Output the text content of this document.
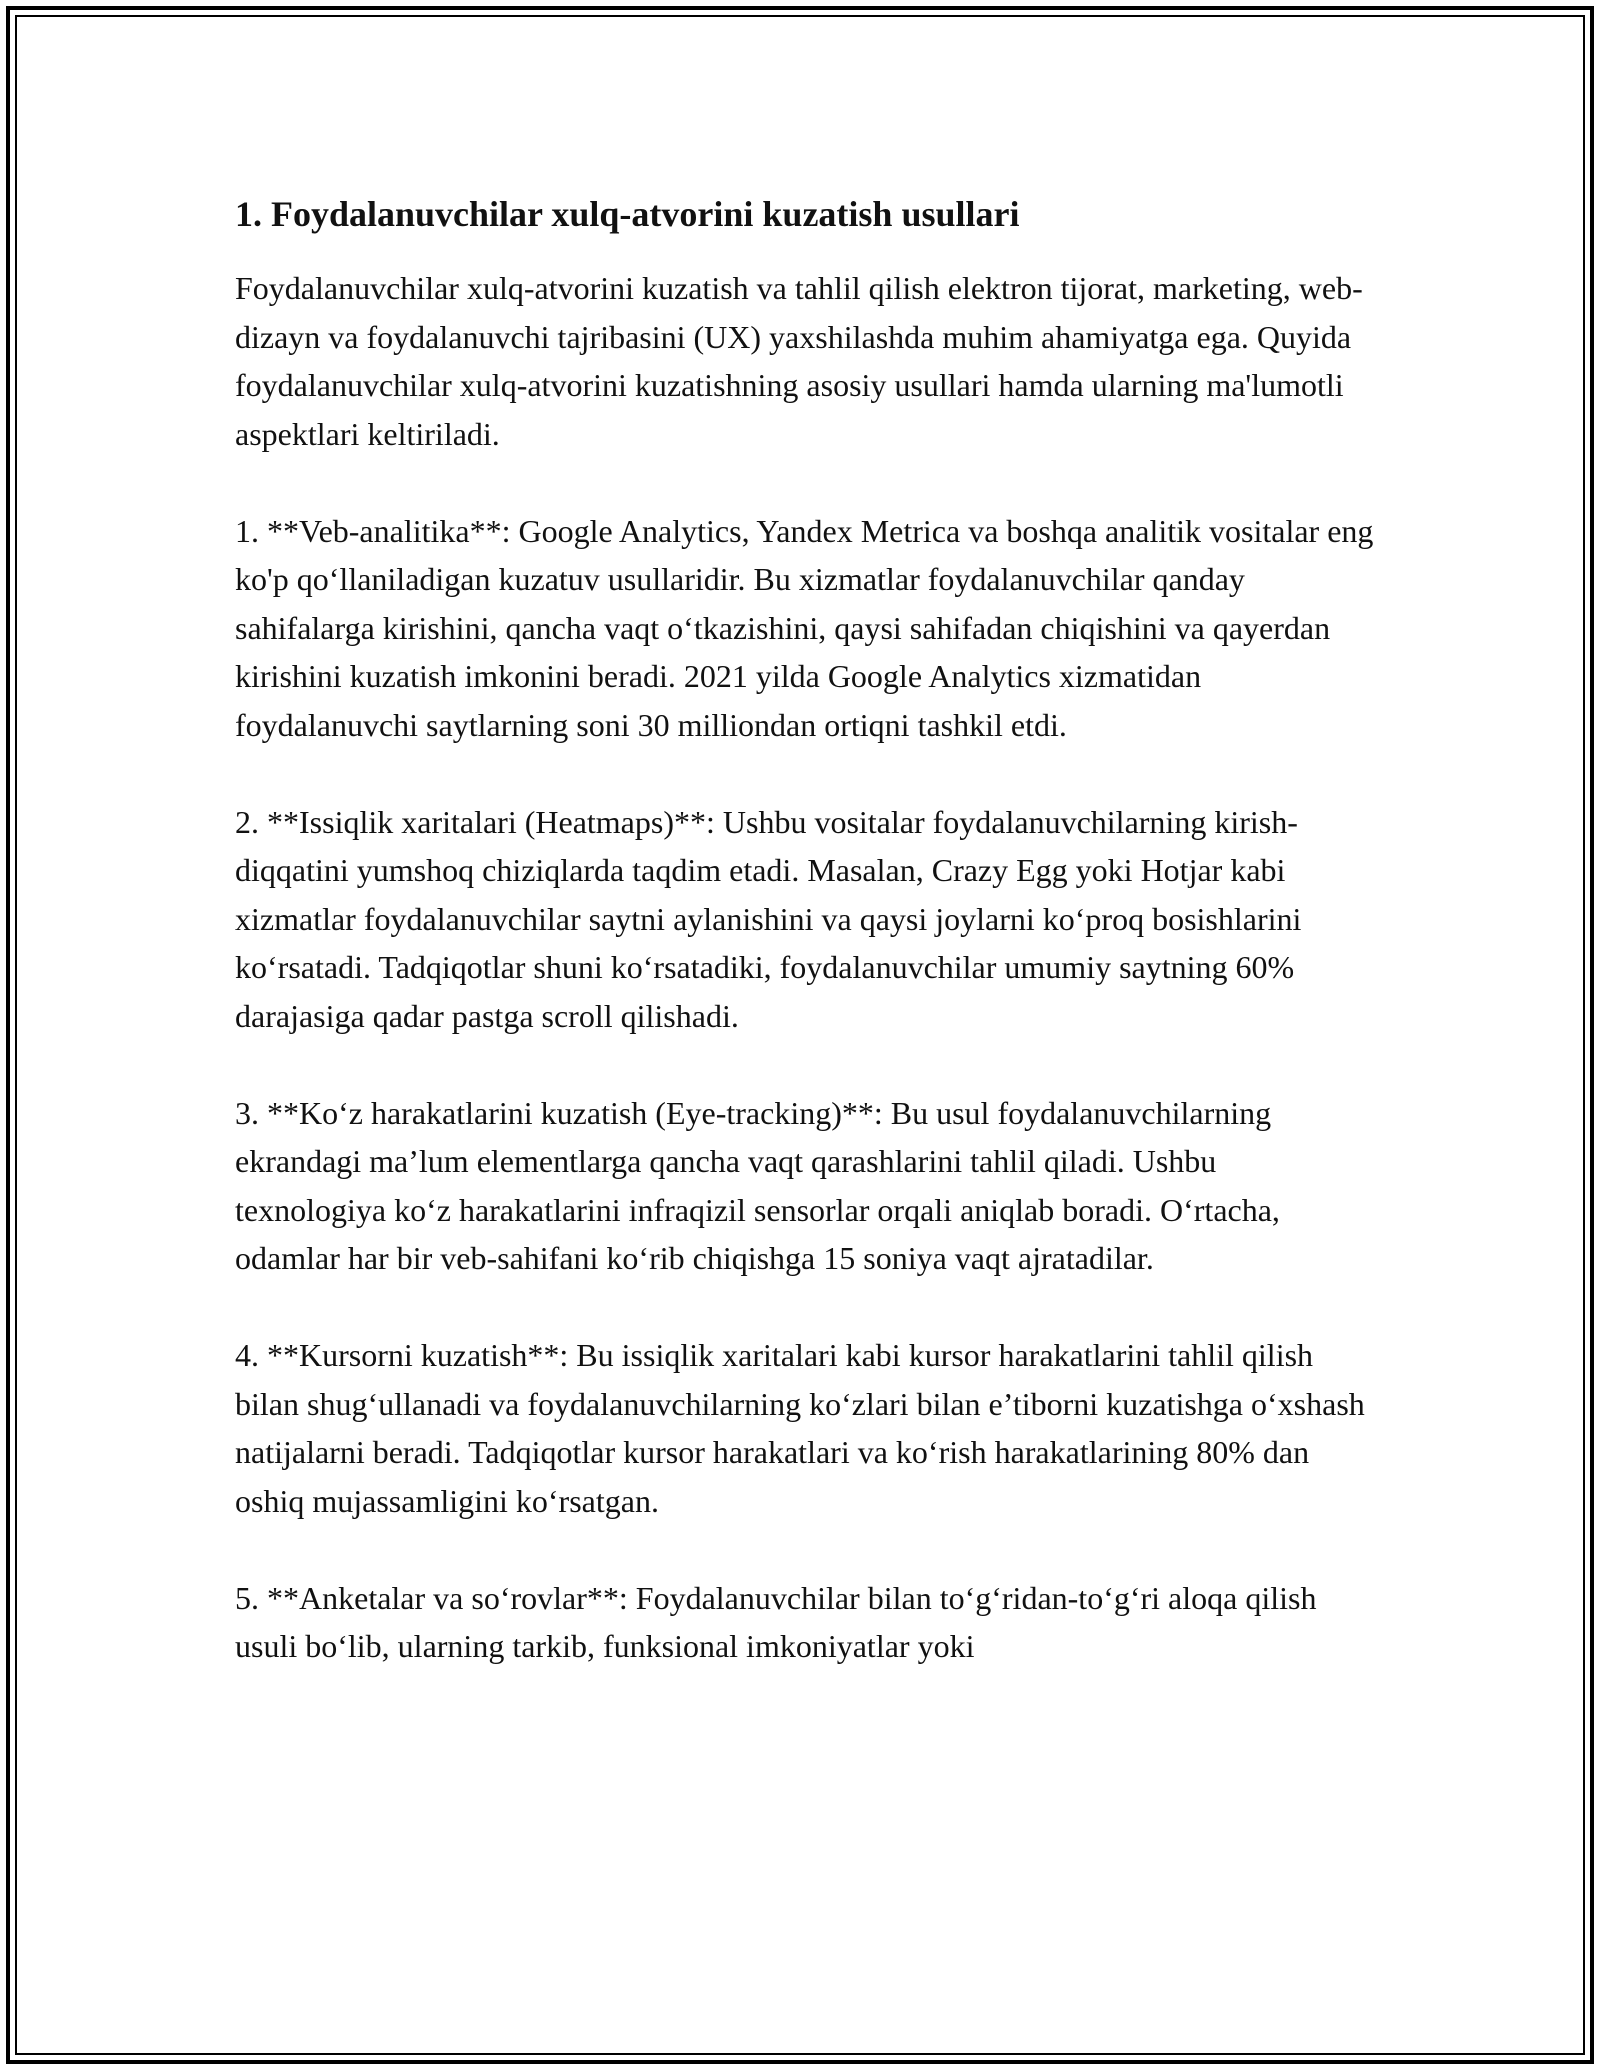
1. Foydalanuvchilar xulq-atvorini kuzatish usullari

Foydalanuvchilar xulq-atvorini kuzatish va tahlil qilish elektron tijorat, marketing, web-dizayn va foydalanuvchi tajribasini (UX) yaxshilashda muhim ahamiyatga ega. Quyida foydalanuvchilar xulq-atvorini kuzatishning asosiy usullari hamda ularning ma'lumotli aspektlari keltiriladi.

1. **Veb-analitika**: Google Analytics, Yandex Metrica va boshqa analitik vositalar eng ko'p qo‘llaniladigan kuzatuv usullaridir. Bu xizmatlar foydalanuvchilar qanday sahifalarga kirishini, qancha vaqt o‘tkazishini, qaysi sahifadan chiqishini va qayerdan kirishini kuzatish imkonini beradi. 2021 yilda Google Analytics xizmatidan foydalanuvchi saytlarning soni 30 milliondan ortiqni tashkil etdi.

2. **Issiqlik xaritalari (Heatmaps)**: Ushbu vositalar foydalanuvchilarning kirish-diqqatini yumshoq chiziqlarda taqdim etadi. Masalan, Crazy Egg yoki Hotjar kabi xizmatlar foydalanuvchilar saytni aylanishini va qaysi joylarni ko‘proq bosishlarini ko‘rsatadi. Tadqiqotlar shuni ko‘rsatadiki, foydalanuvchilar umumiy saytning 60% darajasiga qadar pastga scroll qilishadi.

3. **Ko‘z harakatlarini kuzatish (Eye-tracking)**: Bu usul foydalanuvchilarning ekrandagi ma’lum elementlarga qancha vaqt qarashlarini tahlil qiladi. Ushbu texnologiya ko‘z harakatlarini infraqizil sensorlar orqali aniqlab boradi. O‘rtacha, odamlar har bir veb-sahifani ko‘rib chiqishga 15 soniya vaqt ajratadilar.

4. **Kursorni kuzatish**: Bu issiqlik xaritalari kabi kursor harakatlarini tahlil qilish bilan shug‘ullanadi va foydalanuvchilarning ko‘zlari bilan e’tiborni kuzatishga o‘xshash natijalarni beradi. Tadqiqotlar kursor harakatlari va ko‘rish harakatlarining 80% dan oshiq mujassamligini ko‘rsatgan.

5. **Anketalar va so‘rovlar**: Foydalanuvchilar bilan to‘g‘ridan-to‘g‘ri aloqa qilish usuli bo‘lib, ularning tarkib, funksional imkoniyatlar yoki
